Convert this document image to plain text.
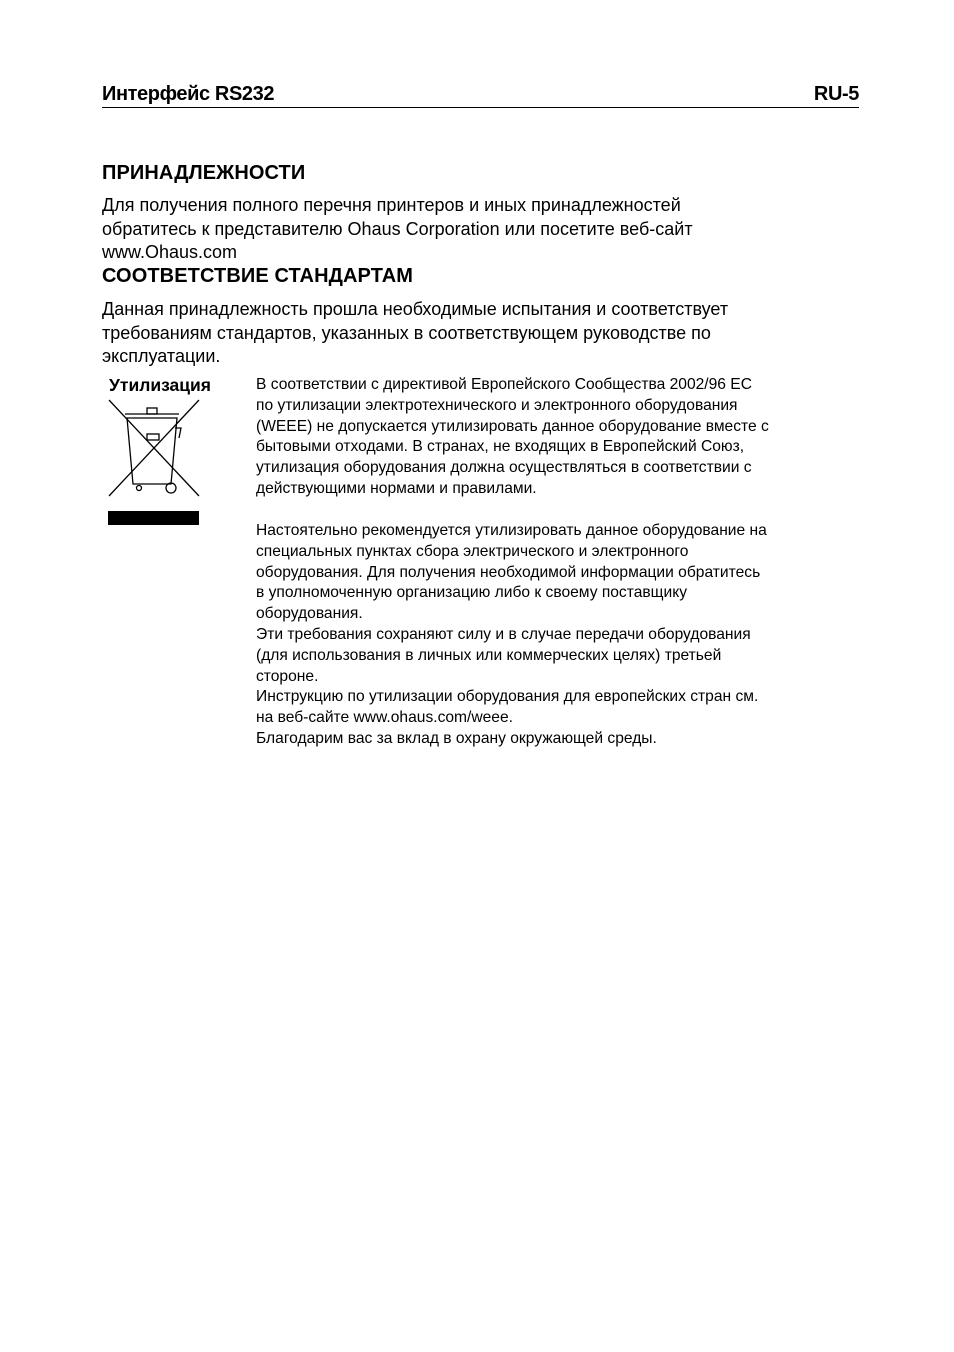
Интерфейс RS232	RU-5
ПРИНАДЛЕЖНОСТИ
Для получения полного перечня принтеров и иных принадлежностей
обратитесь к представителю Ohaus Corporation или посетите веб-сайт
www.Ohaus.com
СООТВЕТСТВИЕ СТАНДАРТАМ
Данная принадлежность прошла необходимые испытания и соответствует
требованиям стандартов, указанных в соответствующем руководстве по
эксплуатации.
Утилизация	В соответствии с директивой Европейского Сообщества 2002/96 ЕС
по утилизации электротехнического и электронного оборудования
(WEEE) не допускается утилизировать данное оборудование вместе с
бытовыми отходами. В странах, не входящих в Европейский Союз,
утилизация оборудования должна осуществляться в соответствии с
действующими нормами и правилами.
Настоятельно рекомендуется утилизировать данное оборудование на
специальных пунктах сбора электрического и электронного
оборудования. Для получения необходимой информации обратитесь
в уполномоченную организацию либо к своему поставщику
оборудования.
Эти требования сохраняют силу и в случае передачи оборудования
(для использования в личных или коммерческих целях) третьей
стороне.
Инструкцию по утилизации оборудования для европейских стран см.
на веб-сайте www.ohaus.com/weee.
Благодарим вас за вклад в охрану окружающей среды.
